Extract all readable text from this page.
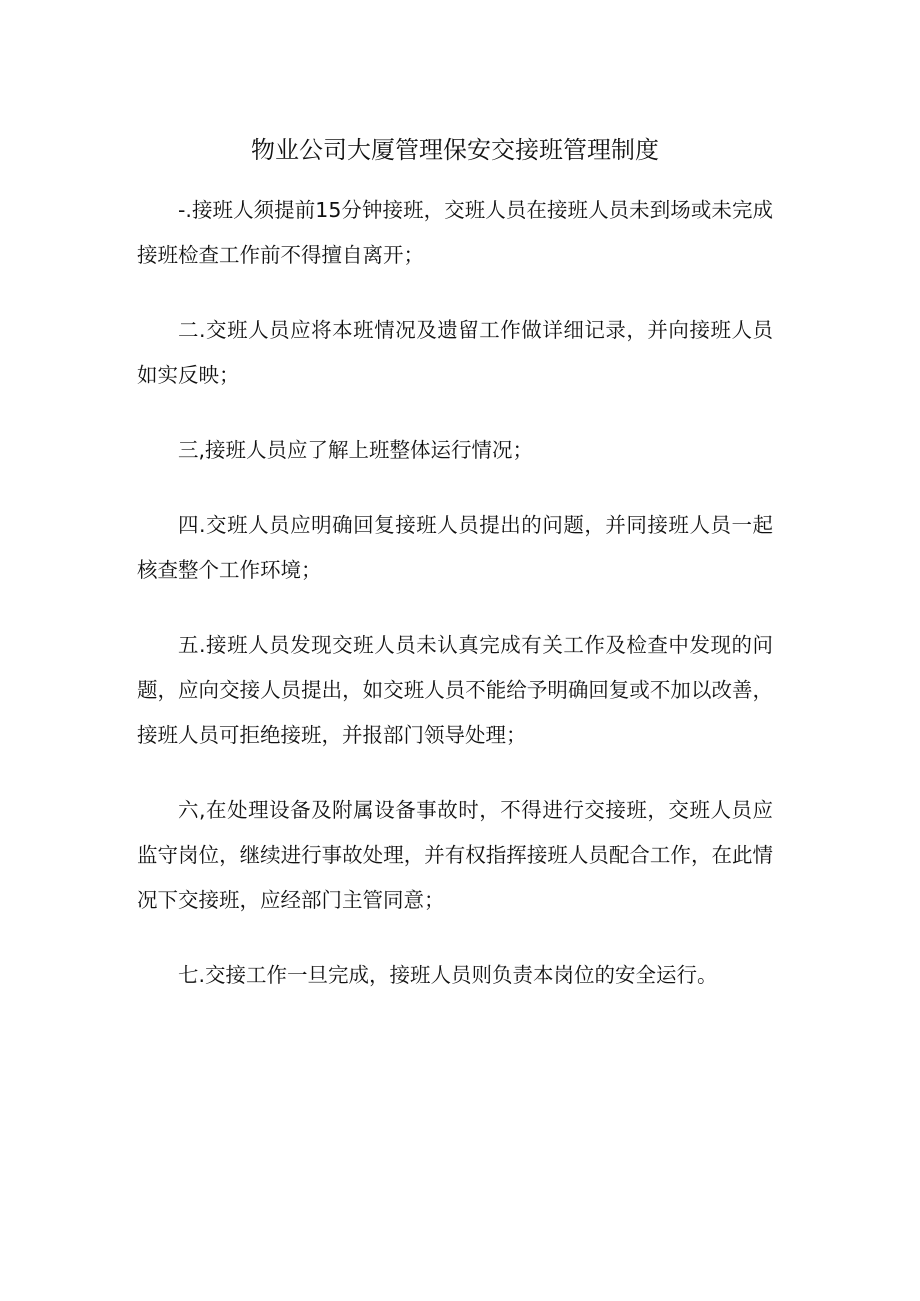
物业公司大厦管理保安交接班管理制度

-.接班人须提前15分钟接班，交班人员在接班人员未到场或未完成接班检查工作前不得擅自离开；

二.交班人员应将本班情况及遗留工作做详细记录，并向接班人员如实反映；

三,接班人员应了解上班整体运行情况；

四.交班人员应明确回复接班人员提出的问题，并同接班人员一起核查整个工作环境；

五.接班人员发现交班人员未认真完成有关工作及检查中发现的问题，应向交接人员提出，如交班人员不能给予明确回复或不加以改善，接班人员可拒绝接班，并报部门领导处理；

六,在处理设备及附属设备事故时，不得进行交接班，交班人员应监守岗位，继续进行事故处理，并有权指挥接班人员配合工作，在此情况下交接班，应经部门主管同意；

七.交接工作一旦完成，接班人员则负责本岗位的安全运行。
